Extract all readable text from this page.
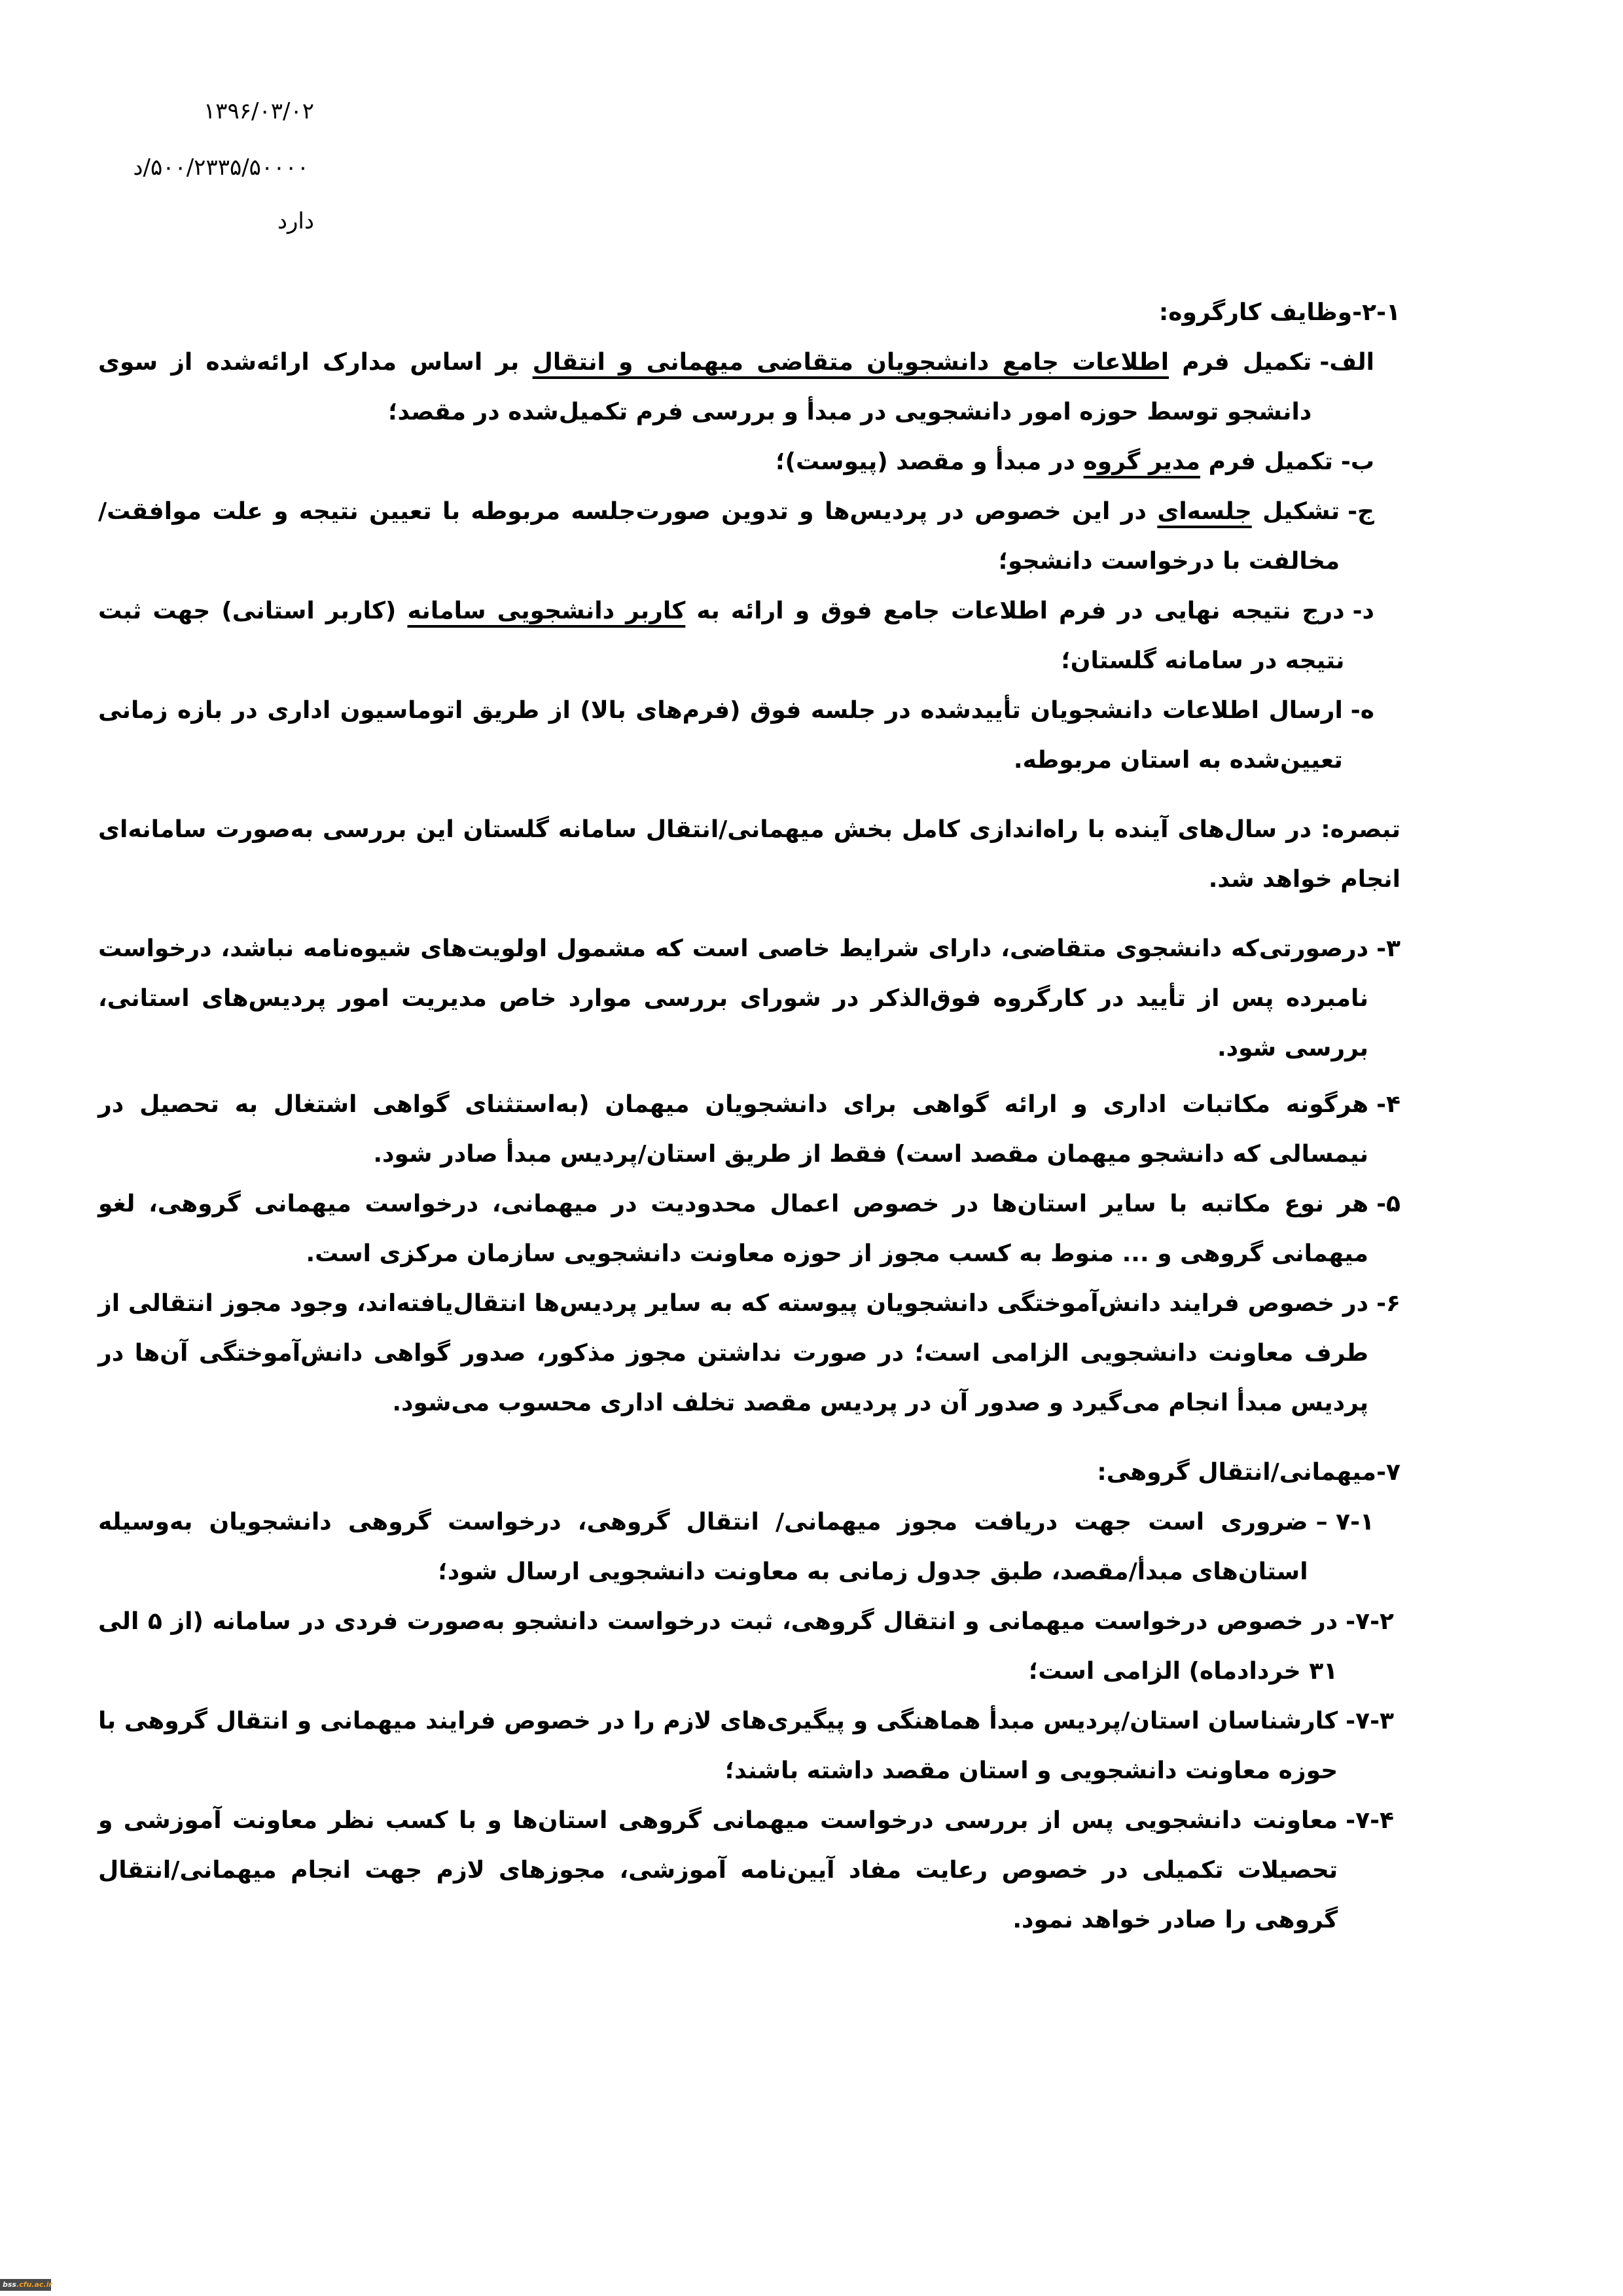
۱۳۹۶/۰۳/۰۲
۵۰۰/۲۳۳۵/۵۰۰۰۰/د
دارد

۲-۱-وظایف کارگروه:

الف-
تکمیل فرم اطلاعات جامع دانشجویان متقاضی میهمانی و انتقال بر اساس مدارک ارائه‌شده از سوی دانشجو توسط حوزه امور دانشجویی در مبدأ و بررسی فرم تکمیل‌شده در مقصد؛
ب-
تکمیل فرم مدیر گروه در مبدأ و مقصد (پیوست)؛
ج-
تشکیل جلسه‌ای در این خصوص در پردیس‌ها و تدوین صورت‌جلسه مربوطه با تعیین نتیجه و علت موافقت/مخالفت با درخواست دانشجو؛
د-
درج نتیجه نهایی در فرم اطلاعات جامع فوق و ارائه به کاربر دانشجویی سامانه (کاربر استانی) جهت ثبت نتیجه در سامانه گلستان؛
ه-
ارسال اطلاعات دانشجویان تأییدشده در جلسه فوق (فرم‌های بالا) از طریق اتوماسیون اداری در بازه زمانی تعیین‌شده به استان مربوطه.

تبصره: در سال‌های آینده با راه‌اندازی کامل بخش میهمانی/انتقال سامانه گلستان این بررسی به‌صورت سامانه‌ای انجام خواهد شد.

۳-
درصورتی‌که دانشجوی متقاضی، دارای شرایط خاصی است که مشمول اولویت‌های شیوه‌نامه نباشد، درخواست نامبرده پس از تأیید در کارگروه فوق‌الذکر در شورای بررسی موارد خاص مدیریت امور پردیس‌های استانی، بررسی شود.
۴-
هرگونه مکاتبات اداری و ارائه گواهی برای دانشجویان میهمان (به‌استثنای گواهی اشتغال به تحصیل در نیمسالی که دانشجو میهمان مقصد است) فقط از طریق استان/پردیس مبدأ صادر شود.
۵-
هر نوع مکاتبه با سایر استان‌ها در خصوص اعمال محدودیت در میهمانی، درخواست میهمانی گروهی، لغو میهمانی گروهی و ... منوط به کسب مجوز از حوزه معاونت دانشجویی سازمان مرکزی است.
۶-
در خصوص فرایند دانش‌آموختگی دانشجویان پیوسته که به سایر پردیس‌ها انتقال‌یافته‌اند، وجود مجوز انتقالی از طرف معاونت دانشجویی الزامی است؛ در صورت نداشتن مجوز مذکور، صدور گواهی دانش‌آموختگی آن‌ها در پردیس مبدأ انجام می‌گیرد و صدور آن در پردیس مقصد تخلف اداری محسوب می‌شود.

۷-میهمانی/انتقال گروهی:

۷-۱ –
ضروری است جهت دریافت مجوز میهمانی/ انتقال گروهی، درخواست گروهی دانشجویان به‌وسیله استان‌های مبدأ/مقصد، طبق جدول زمانی به معاونت دانشجویی ارسال شود؛
۷-۲-
در خصوص درخواست میهمانی و انتقال گروهی، ثبت درخواست دانشجو به‌صورت فردی در سامانه (از ۵ الی ۳۱ خردادماه) الزامی است؛
۷-۳-
کارشناسان استان/پردیس مبدأ هماهنگی و پیگیری‌های لازم را در خصوص فرایند میهمانی و انتقال گروهی با حوزه معاونت دانشجویی و استان مقصد داشته باشند؛
۷-۴-
معاونت دانشجویی پس از بررسی درخواست میهمانی گروهی استان‌ها و با کسب نظر معاونت آموزشی و تحصیلات تکمیلی در خصوص رعایت مفاد آیین‌نامه آموزشی، مجوزهای لازم جهت انجام میهمانی/انتقال گروهی را صادر خواهد نمود.
bss.cfu.ac.ir
